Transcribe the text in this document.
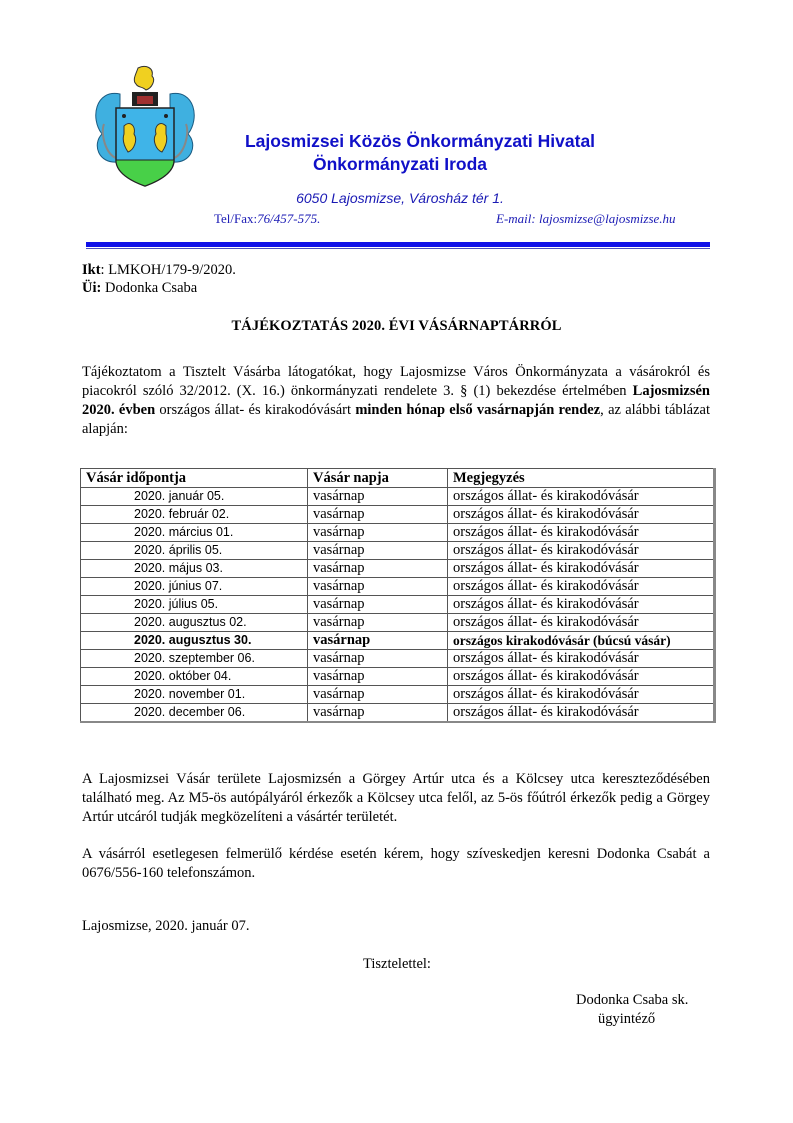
Lajosmizsei Közös Önkormányzati Hivatal
Önkormányzati Iroda
6050 Lajosmizse, Városház tér 1.
Tel/Fax:76/457-575.	E-mail: lajosmizse@lajosmizse.hu
Ikt: LMKOH/179-9/2020.
Üi: Dodonka Csaba
TÁJÉKOZTATÁS 2020. ÉVI VÁSÁRNAPTÁRRÓL
Tájékoztatom a Tisztelt Vásárba látogatókat, hogy Lajosmizse Város Önkormányzata a vásárokról és piacokról szóló 32/2012. (X. 16.) önkormányzati rendelete 3. § (1) bekezdése értelmében Lajosmizsén 2020. évben országos állat- és kirakodóvásárt minden hónap első vasárnapján rendez, az alábbi táblázat alapján:
Vásár időpontja	Vásár napja	Megjegyzés
2020. január 05.	vasárnap	országos állat- és kirakodóvásár
2020. február 02.	vasárnap	országos állat- és kirakodóvásár
2020. március 01.	vasárnap	országos állat- és kirakodóvásár
2020. április 05.	vasárnap	országos állat- és kirakodóvásár
2020. május 03.	vasárnap	országos állat- és kirakodóvásár
2020. június 07.	vasárnap	országos állat- és kirakodóvásár
2020. július 05.	vasárnap	országos állat- és kirakodóvásár
2020. augusztus 02.	vasárnap	országos állat- és kirakodóvásár
2020. augusztus 30.	vasárnap	országos kirakodóvásár (búcsú vásár)
2020. szeptember 06.	vasárnap	országos állat- és kirakodóvásár
2020. október 04.	vasárnap	országos állat- és kirakodóvásár
2020. november 01.	vasárnap	országos állat- és kirakodóvásár
2020. december 06.	vasárnap	országos állat- és kirakodóvásár
A Lajosmizsei Vásár területe Lajosmizsén a Görgey Artúr utca és a Kölcsey utca kereszteződésében található meg. Az M5-ös autópályáról érkezők a Kölcsey utca felől, az 5-ös főútról érkezők pedig a Görgey Artúr utcáról tudják megközelíteni a vásártér területét.
A vásárról esetlegesen felmerülő kérdése esetén kérem, hogy szíveskedjen keresni Dodonka Csabát a 0676/556-160 telefonszámon.
Lajosmizse, 2020. január 07.
Tisztelettel:
Dodonka Csaba sk.
ügyintéző
